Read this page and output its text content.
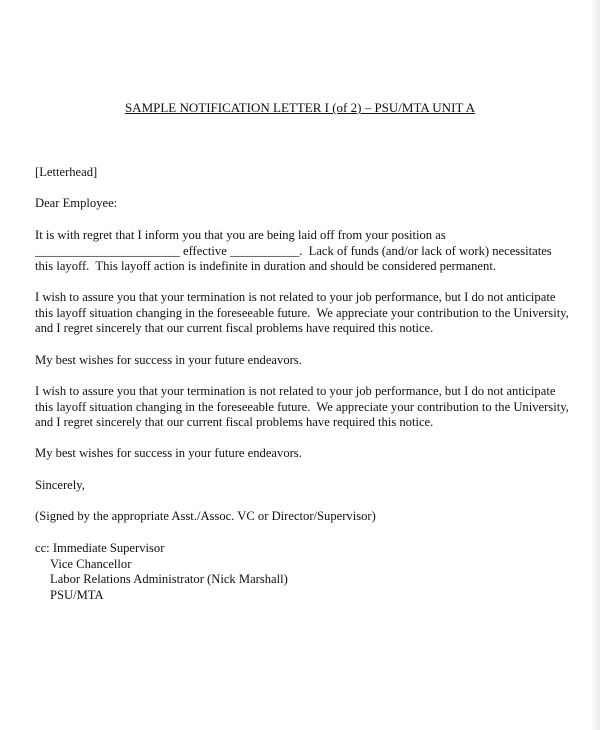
SAMPLE NOTIFICATION LETTER I (of 2) – PSU/MTA UNIT A
[Letterhead]
Dear Employee:
It is with regret that I inform you that you are being laid off from your position as
_______________________ effective ___________.  Lack of funds (and/or lack of work) necessitates
this layoff.  This layoff action is indefinite in duration and should be considered permanent.
I wish to assure you that your termination is not related to your job performance, but I do not anticipate
this layoff situation changing in the foreseeable future.  We appreciate your contribution to the University,
and I regret sincerely that our current fiscal problems have required this notice.
My best wishes for success in your future endeavors.
I wish to assure you that your termination is not related to your job performance, but I do not anticipate
this layoff situation changing in the foreseeable future.  We appreciate your contribution to the University,
and I regret sincerely that our current fiscal problems have required this notice.
My best wishes for success in your future endeavors.
Sincerely,
(Signed by the appropriate Asst./Assoc. VC or Director/Supervisor)
cc: Immediate Supervisor
Vice Chancellor
Labor Relations Administrator (Nick Marshall)
PSU/MTA
